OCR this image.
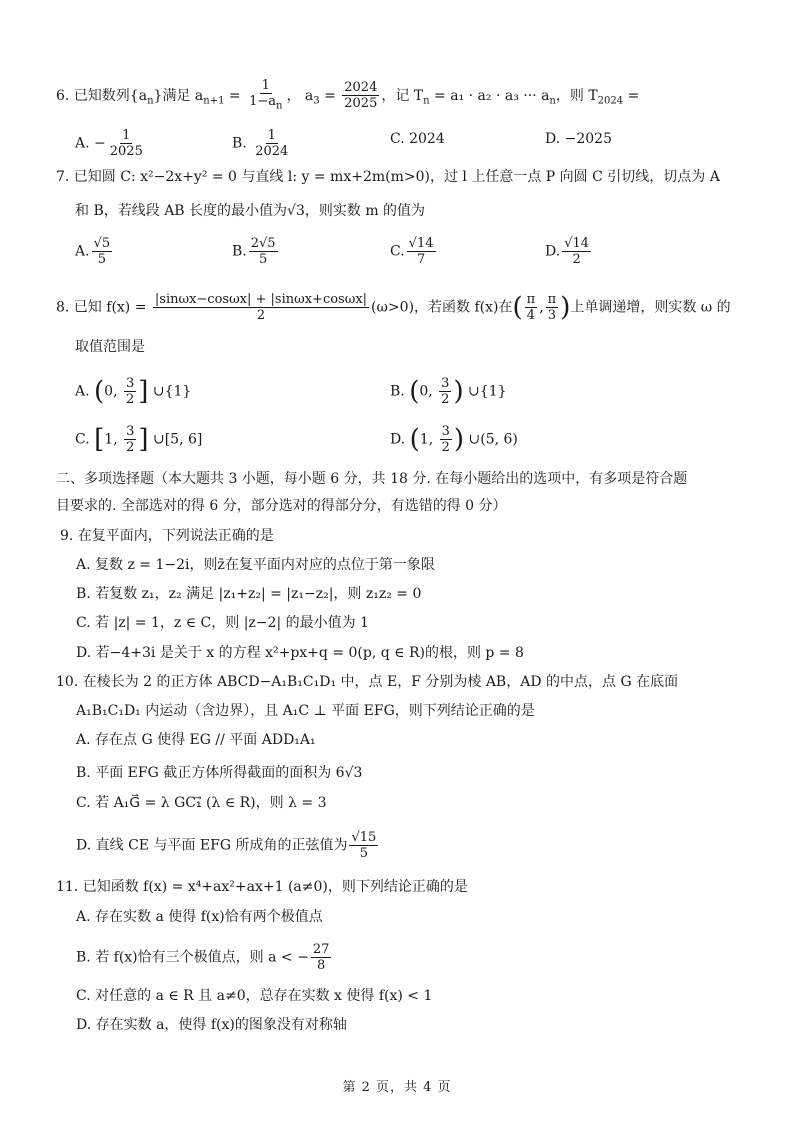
6. 已知数列$\{a_n\}$满足 $a_{n+1} = \frac{1}{1-a_n}$ ， $a_3 = \frac{2024}{2025}$ ，记 $T_n = a_1 \cdot a_2 \cdot a_3$ ··· $a_n$，则 $T_{2024}$ =
A. − $\frac{1}{2025}$	B. $\frac{1}{2024}$	C. 2024	D. −2025
7. 已知圆 C: x²−2x+y² = 0 与直线 l: y = mx+2m(m>0)，过 l 上任意一点 P 向圆 C 引切线，切点为 A
和 B，若线段 AB 长度的最小值为√3，则实数 m 的值为
A. $\frac{√5}{5}$	B. $\frac{2√5}{5}$	C. $\frac{√14}{7}$	D. $\frac{√14}{2}$
8. 已知 $f(x) = \frac{|\sin\omega x-\cos\omega x| + |\sin\omega x+\cos\omega x|}{2} (\omega>0)$，若函数 f(x)在( $\frac{\pi}{4}$ , $\frac{\pi}{3}$ )上单调递增，则实数 ω 的
取值范围是
A. (0, $\frac{3}{2}$ ] ∪{1}	B. (0, $\frac{3}{2}$ ) ∪{1}
C. [1, $\frac{3}{2}$ ] ∪[5, 6]	D. (1, $\frac{3}{2}$ ) ∪(5, 6)
二、多项选择题（本大题共 3 小题，每小题 6 分，共 18 分. 在每小题给出的选项中，有多项是符合题
目要求的. 全部选对的得 6 分，部分选对的得部分分，有选错的得 0 分）
9. 在复平面内，下列说法正确的是
A. 复数 z = 1−2i，则z̄在复平面内对应的点位于第一象限
B. 若复数 z₁，z₂ 满足 |z₁+z₂| = |z₁−z₂|，则 z₁z₂ = 0
C. 若 |z| = 1，z ∈ C，则 |z−2| 的最小值为 1
D. 若−4+3i 是关于 x 的方程 x²+px+q = 0(p, q ∈ R)的根，则 p = 8
10. 在棱长为 2 的正方体 ABCD−A₁B₁C₁D₁ 中，点 E，F 分别为棱 AB，AD 的中点，点 G 在底面
A₁B₁C₁D₁ 内运动（含边界），且 A₁C ⊥ 平面 EFG，则下列结论正确的是
A. 存在点 G 使得 EG // 平面 ADD₁A₁
B. 平面 EFG 截正方体所得截面的面积为 6√3
C. 若 A₁G⃗ = λ GC₁⃗ (λ ∈ R)，则 λ = 3
D. 直线 CE 与平面 EFG 所成角的正弦值为 $\frac{√15}{5}$
11. 已知函数 f(x) = x⁴+ax²+ax+1 (a≠0)，则下列结论正确的是
A. 存在实数 a 使得 f(x)恰有两个极值点
B. 若 f(x)恰有三个极值点，则 a < − $\frac{27}{8}$
C. 对任意的 a ∈ R 且 a≠0，总存在实数 x 使得 f(x) < 1
D. 存在实数 a，使得 f(x)的图象没有对称轴
第 2 页，共 4 页
